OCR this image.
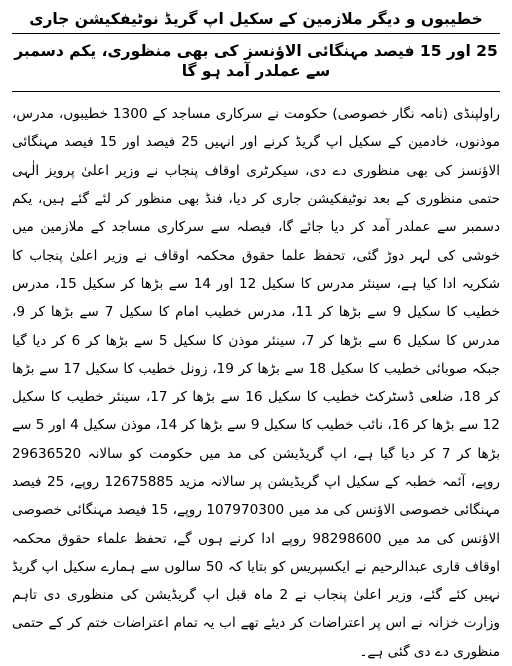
خطیبوں و دیگر ملازمین کے سکیل اپ گریڈ نوٹیفکیشن جاری
25 اور 15 فیصد مہنگائی الاؤنسز کی بھی منظوری، یکم دسمبر سے عملدر آمد ہو گا

راولپنڈی (نامہ نگار خصوصی) حکومت نے سرکاری مساجد کے 1300 خطیبوں، مدرس، موذنوں، خادمین کے سکیل اپ گریڈ کرنے اور انہیں 25 فیصد اور 15 فیصد مہنگائی الاؤنسز کی بھی منظوری دے دی، سیکرٹری اوقاف پنجاب نے وزیر اعلیٰ پرویز الٰہی حتمی منظوری کے بعد نوٹیفکیشن جاری کر دیا، فنڈ بھی منظور کر لئے گئے ہیں، یکم دسمبر سے عملدر آمد کر دیا جائے گا، فیصلہ سے سرکاری مساجد کے ملازمین میں خوشی کی لہر دوڑ گئی، تحفظ علما حقوق محکمہ اوقاف نے وزیر اعلیٰ پنجاب کا شکریہ ادا کیا ہے، سینئر مدرس کا سکیل 12 اور 14 سے بڑھا کر سکیل 15، مدرس خطیب کا سکیل 9 سے بڑھا کر 11، مدرس خطیب امام کا سکیل 7 سے بڑھا کر 9، مدرس کا سکیل 6 سے بڑھا کر 7، سینئر موذن کا سکیل 5 سے بڑھا کر 6 کر دیا گیا جبکہ صوبائی خطیب کا سکیل 18 سے بڑھا کر 19، زونل خطیب کا سکیل 17 سے بڑھا کر 18، ضلعی ڈسٹرکٹ خطیب کا سکیل 16 سے بڑھا کر 17، سینئر خطیب کا سکیل 12 سے بڑھا کر 16، نائب خطیب کا سکیل 9 سے بڑھا کر 14، موذن سکیل 4 اور 5 سے بڑھا کر 7 کر دیا گیا ہے، اپ گریڈیشن کی مد میں حکومت کو سالانہ 29636520 روپے، آئمہ خطبہ کے سکیل اپ گریڈیشن پر سالانہ مزید 12675885 روپے، 25 فیصد مہنگائی خصوصی الاؤنس کی مد میں 107970300 روپے، 15 فیصد مہنگائی خصوصی الاؤنس کی مد میں 98298600 روپے ادا کرنے ہوں گے، تحفظ علماء حقوق محکمہ اوقاف قاری عبدالرحیم نے ایکسپریس کو بتایا کہ 50 سالوں سے ہمارے سکیل اپ گریڈ نہیں کئے گئے، وزیر اعلیٰ پنجاب نے 2 ماہ قبل اپ گریڈیشن کی منظوری دی تاہم وزارت خزانہ نے اس پر اعتراضات کر دیئے تھے اب یہ تمام اعتراضات ختم کر کے حتمی منظوری دے دی گئی ہے۔
